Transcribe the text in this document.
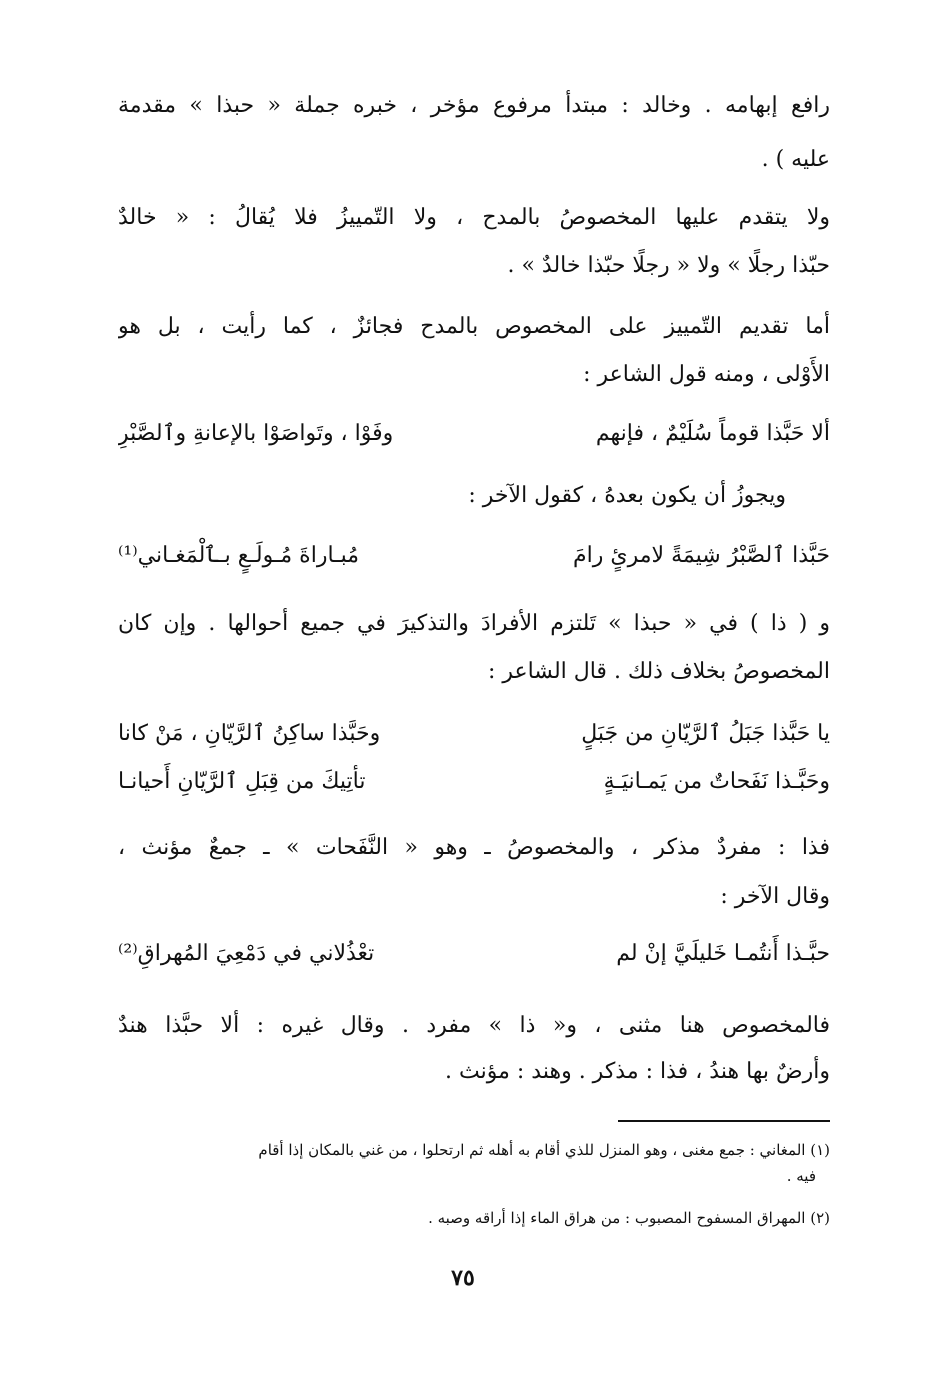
رافع إبهامه . وخالد : مبتدأ مرفوع مؤخر ، خبره جملة « حبذا » مقدمة
عليه ) .
ولا يتقدم عليها المخصوصُ بالمدح ، ولا التّمييزُ فلا يُقالُ : « خالدٌ
حبّذا رجلًا » ولا « رجلًا حبّذا خالدٌ » .
أما تقديم التّمييز على المخصوص بالمدح فجائزٌ ، كما رأيت ، بل هو
الأَوْلى ، ومنه قول الشاعر :
ألا حَبَّذا قوماً سُلَيْمٌ ، فإنهم
وفَوْا ، وتَواصَوْا بالإعانةِ وٱلصَّبْرِ
ويجوزُ أن يكون بعدهُ ، كقول الآخر :
حَبَّذا ٱلصَّبْرُ شِيمَةً لامرئٍ رامَ
مُبـاراةَ مُـولَـعٍ بـٱلْمَغـاني⁽¹⁾
و ( ذا ) في « حبذا » تَلتزم الأفرادَ والتذكيرَ في جميع أحوالها . وإن كان
المخصوصُ بخلاف ذلك . قال الشاعر :
يا حَبَّذا جَبَلُ ٱلرَّيّانِ من جَبَلٍ
وحَبَّذا ساكِنُ ٱلرَّيّانِ ، مَنْ كانا
وحَبَّـذا نَفَحاتٌ من يَمـانيَـةٍ
تأتِيكَ من قِبَلِ ٱلرَّيّانِ أَحيانـا
فذا : مفردٌ مذكر ، والمخصوصُ ـ وهو « النَّفَحات » ـ جمعٌ مؤنث ،
وقال الآخر :
حبَّـذا أَنتُمـا خَليلَيَّ إنْ لم
تعْذُلاني في دَمْعِيَ المُهراقِ⁽²⁾
فالمخصوص هنا مثنى ، و« ذا » مفرد . وقال غيره : ألا حبَّذا هندٌ
وأرضٌ بها هندُ ، فذا : مذكر . وهند : مؤنث .
(١) المغاني : جمع مغنى ، وهو المنزل للذي أقام به أهله ثم ارتحلوا ، من غني بالمكان إذا أقام
فيه .
(٢) المهراق المسفوح المصبوب : من هراق الماء إذا أراقه وصبه .
٧٥
